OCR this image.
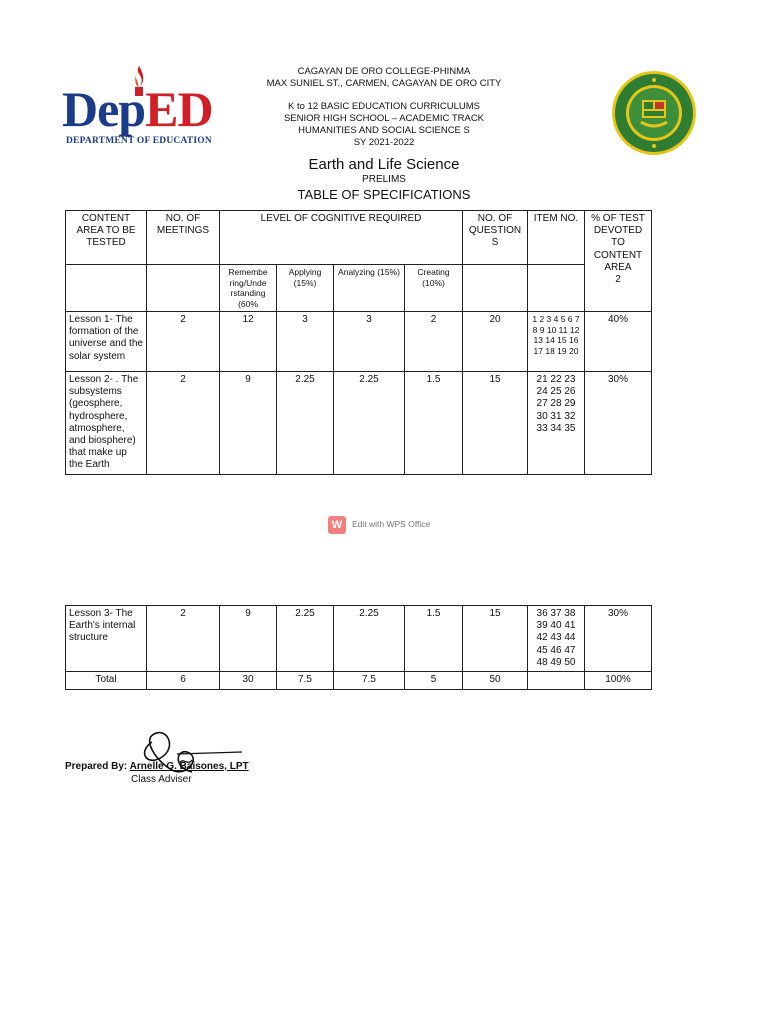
DepED
DEPARTMENT OF EDUCATION
CAGAYAN DE ORO COLLEGE-PHINMA
MAX SUNIEL ST., CARMEN, CAGAYAN DE ORO CITY
K to 12 BASIC EDUCATION CURRICULUMS
SENIOR HIGH SCHOOL – ACADEMIC TRACK
HUMANITIES AND SOCIAL SCIENCE S
SY 2021-2022
Earth and Life Science
PRELIMS
TABLE OF SPECIFICATIONS
CONTENT AREA TO BE TESTED	NO. OF MEETINGS	LEVEL OF COGNITIVE REQUIRED				NO. OF QUESTION S	ITEM NO.	% OF TEST DEVOTED TO CONTENT AREA
2

		Remembe ring/Unde rstanding (60%	Applying (15%)	Analyzing (15%)	Creating (10%)			
Lesson 1- The formation of the universe and the solar system	2	12	3	3	2	20	1 2 3 4 5 6 7 8 9 10 11 12 13 14 15 16 17 18 19 20	40%
Lesson 2- . The subsystems (geosphere, hydrosphere, atmosphere, and biosphere) that make up the Earth	2	9	2.25	2.25	1.5	15	21 22 23 24 25 26 27 28 29 30 31 32 33 34 35	30%
W	Edit with WPS Office
Lesson 3- The Earth's internal structure	2	9	2.25	2.25	1.5	15	36 37 38 39 40 41 42 43 44 45 46 47 48 49 50	30%
Total	6	30	7.5	7.5	5	50		100%
Prepared By: Arnelle G. Baisones, LPT
Class Adviser
